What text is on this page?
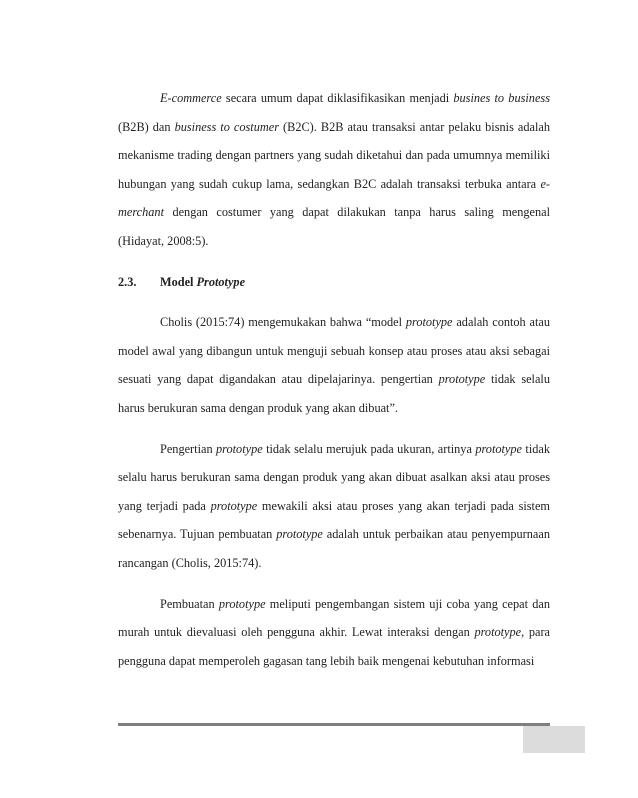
E-commerce secara umum dapat diklasifikasikan menjadi busines to business (B2B) dan business to costumer (B2C). B2B atau transaksi antar pelaku bisnis adalah mekanisme trading dengan partners yang sudah diketahui dan pada umumnya memiliki hubungan yang sudah cukup lama, sedangkan B2C adalah transaksi terbuka antara e-merchant dengan costumer yang dapat dilakukan tanpa harus saling mengenal (Hidayat, 2008:5).

2.3.	Model Prototype

Cholis (2015:74) mengemukakan bahwa “model prototype adalah contoh atau model awal yang dibangun untuk menguji sebuah konsep atau proses atau aksi sebagai sesuati yang dapat digandakan atau dipelajarinya. pengertian prototype tidak selalu harus berukuran sama dengan produk yang akan dibuat”.

Pengertian prototype tidak selalu merujuk pada ukuran, artinya prototype tidak selalu harus berukuran sama dengan produk yang akan dibuat asalkan aksi atau proses yang terjadi pada prototype mewakili aksi atau proses yang akan terjadi pada sistem sebenarnya. Tujuan pembuatan prototype adalah untuk perbaikan atau penyempurnaan rancangan (Cholis, 2015:74).

Pembuatan prototype meliputi pengembangan sistem uji coba yang cepat dan murah untuk dievaluasi oleh pengguna akhir. Lewat interaksi dengan prototype, para pengguna dapat memperoleh gagasan tang lebih baik mengenai kebutuhan informasi
